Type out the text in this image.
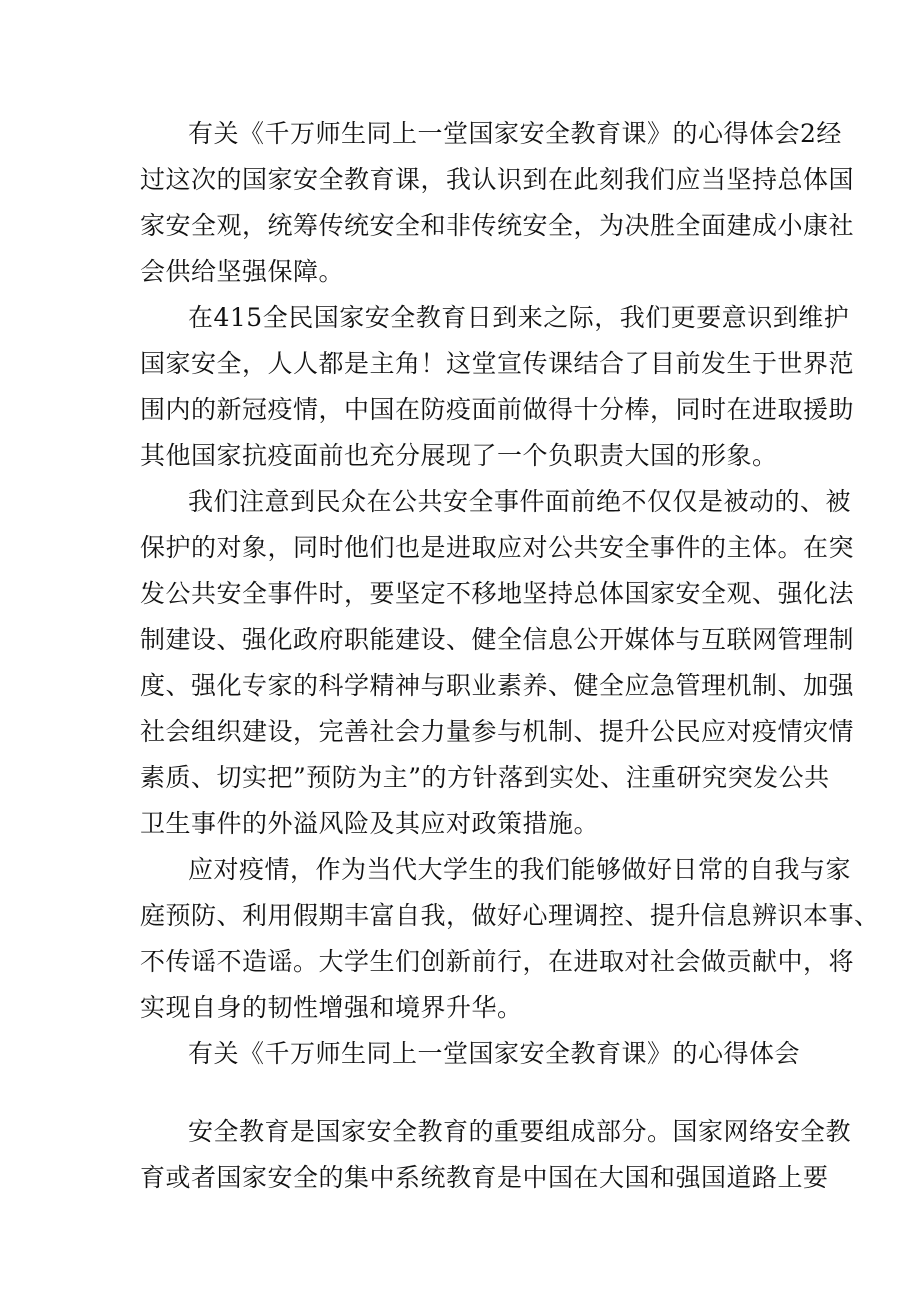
有关《千万师生同上一堂国家安全教育课》的心得体会2经
过这次的国家安全教育课，我认识到在此刻我们应当坚持总体国
家安全观，统筹传统安全和非传统安全，为决胜全面建成小康社
会供给坚强保障。
在415全民国家安全教育日到来之际，我们更要意识到维护
国家安全，人人都是主角！这堂宣传课结合了目前发生于世界范
围内的新冠疫情，中国在防疫面前做得十分棒，同时在进取援助
其他国家抗疫面前也充分展现了一个负职责大国的形象。
我们注意到民众在公共安全事件面前绝不仅仅是被动的、被
保护的对象，同时他们也是进取应对公共安全事件的主体。在突
发公共安全事件时，要坚定不移地坚持总体国家安全观、强化法
制建设、强化政府职能建设、健全信息公开媒体与互联网管理制
度、强化专家的科学精神与职业素养、健全应急管理机制、加强
社会组织建设，完善社会力量参与机制、提升公民应对疫情灾情
素质、切实把”预防为主”的方针落到实处、注重研究突发公共
卫生事件的外溢风险及其应对政策措施。
应对疫情，作为当代大学生的我们能够做好日常的自我与家
庭预防、利用假期丰富自我，做好心理调控、提升信息辨识本事、
不传谣不造谣。大学生们创新前行，在进取对社会做贡献中，将
实现自身的韧性增强和境界升华。
有关《千万师生同上一堂国家安全教育课》的心得体会
安全教育是国家安全教育的重要组成部分。国家网络安全教
育或者国家安全的集中系统教育是中国在大国和强国道路上要
